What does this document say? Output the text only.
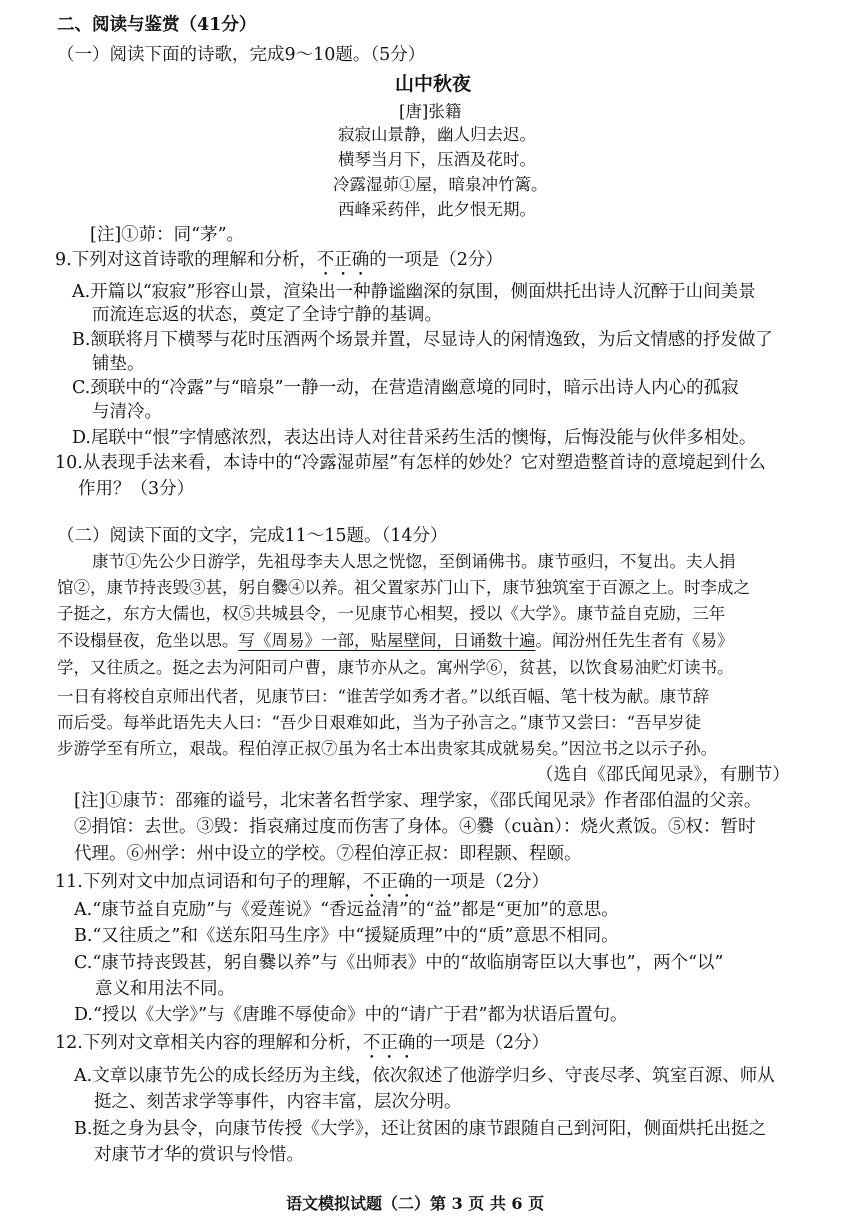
二、阅读与鉴赏（41分）
（一）阅读下面的诗歌，完成9～10题。（5分）
山中秋夜
[唐]张籍
寂寂山景静，幽人归去迟。
横琴当月下，压酒及花时。
冷露湿茆①屋，暗泉冲竹篱。
西峰采药伴，此夕恨无期。
[注]①茆：同“茅”。
9.下列对这首诗歌的理解和分析，不正确的一项是（2分）
A.开篇以“寂寂”形容山景，渲染出一种静谧幽深的氛围，侧面烘托出诗人沉醉于山间美景
而流连忘返的状态，奠定了全诗宁静的基调。
B.颔联将月下横琴与花时压酒两个场景并置，尽显诗人的闲情逸致，为后文情感的抒发做了
铺垫。
C.颈联中的“冷露”与“暗泉”一静一动，在营造清幽意境的同时，暗示出诗人内心的孤寂
与清冷。
D.尾联中“恨”字情感浓烈，表达出诗人对往昔采药生活的懊悔，后悔没能与伙伴多相处。
10.从表现手法来看，本诗中的“冷露湿茆屋”有怎样的妙处？它对塑造整首诗的意境起到什么
作用？（3分）
（二）阅读下面的文字，完成11～15题。（14分）
康节①先公少日游学，先祖母李夫人思之恍惚，至倒诵佛书。康节亟归，不复出。夫人捐
馆②，康节持丧毁③甚，躬自爨④以养。祖父置家苏门山下，康节独筑室于百源之上。时李成之
子挺之，东方大儒也，权⑤共城县令，一见康节心相契，授以《大学》。康节益自克励，三年
不设榻昼夜，危坐以思。写《周易》一部，贴屋壁间，日诵数十遍。闻汾州任先生者有《易》
学，又往质之。挺之去为河阳司户曹，康节亦从之。寓州学⑥，贫甚，以饮食易油贮灯读书。
一日有将校自京师出代者，见康节曰：“谁苦学如秀才者。”以纸百幅、笔十枝为献。康节辞
而后受。每举此语先夫人曰：“吾少日艰难如此，当为子孙言之。”康节又尝曰：“吾早岁徒
步游学至有所立，艰哉。程伯淳正叔⑦虽为名士本出贵家其成就易矣。”因泣书之以示子孙。
（选自《邵氏闻见录》，有删节）
[注]①康节：邵雍的谥号，北宋著名哲学家、理学家，《邵氏闻见录》作者邵伯温的父亲。
②捐馆：去世。③毁：指哀痛过度而伤害了身体。④爨（cuàn）：烧火煮饭。⑤权：暂时
代理。⑥州学：州中设立的学校。⑦程伯淳正叔：即程颢、程颐。
11.下列对文中加点词语和句子的理解，不正确的一项是（2分）
A.“康节益自克励”与《爱莲说》“香远益清”的“益”都是“更加”的意思。
B.“又往质之”和《送东阳马生序》中“援疑质理”中的“质”意思不相同。
C.“康节持丧毁甚，躬自爨以养”与《出师表》中的“故临崩寄臣以大事也”，两个“以”
意义和用法不同。
D.“授以《大学》”与《唐雎不辱使命》中的“请广于君”都为状语后置句。
12.下列对文章相关内容的理解和分析，不正确的一项是（2分）
A.文章以康节先公的成长经历为主线，依次叙述了他游学归乡、守丧尽孝、筑室百源、师从
挺之、刻苦求学等事件，内容丰富，层次分明。
B.挺之身为县令，向康节传授《大学》，还让贫困的康节跟随自己到河阳，侧面烘托出挺之
对康节才华的赏识与怜惜。
语文模拟试题（二）第 3 页 共 6 页
